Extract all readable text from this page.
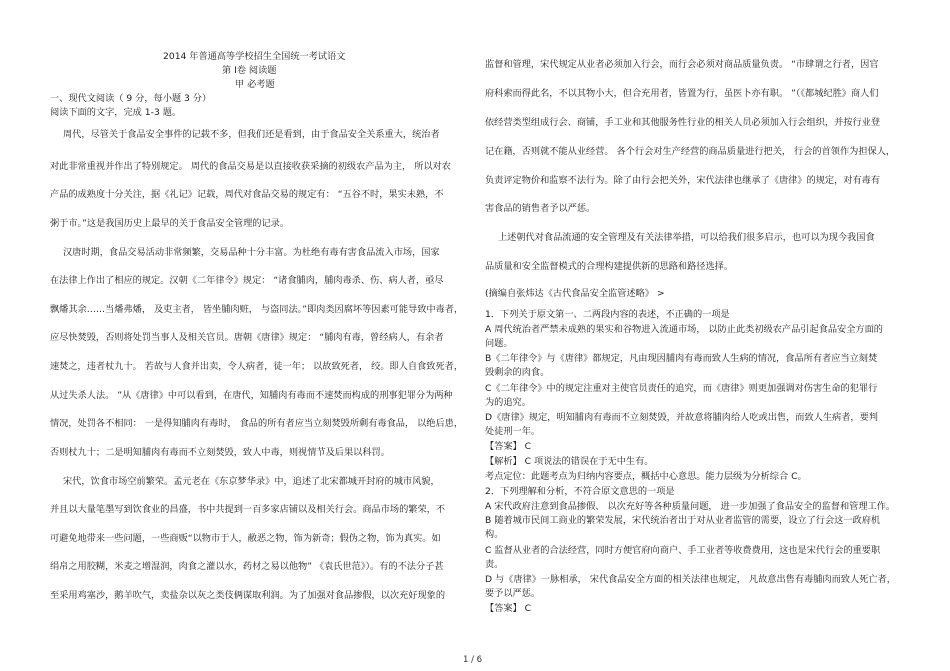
2014 年普通高等学校招生全国统一考试语文
第 Ⅰ卷 阅读题
甲 必考题
一、现代文阅读（ 9 分，每小题 3 分）
阅读下面的文字，完成 1-3 题。
周代，尽管关于食品安全事件的记载不多，但我们还是看到，由于食品安全关系重大，统治者
对此非常重视并作出了特别规定。 周代的食品交易是以直接收获采摘的初级农产品为主， 所以对农
产品的成熟度十分关注，据《礼记》记载，周代对食品交易的规定有： “五谷不时，果实未熟，不
粥于市。”这是我国历史上最早的关于食品安全管理的记录。
汉唐时期，食品交易活动非常频繁，交易品种十分丰富。为杜绝有毒有害食品流入市场，国家
在法律上作出了相应的规定。汉朝《二年律令》规定： “诸食脯肉，脯肉毒杀、伤、病人者，亟尽
飘燔其余……当燔弗燔， 及吏主者， 皆坐脯肉赃， 与盗同法。”即肉类因腐坏等因素可能导致中毒者，
应尽快焚毁，否则将处罚当事人及相关官员。唐朝《唐律》规定： “脯肉有毒，曾经病人，有余者
速焚之，违者杖九十。 若故与人食并出卖，令人病者，徒一年； 以故致死者， 绞。即人自食致死者，
从过失杀人法。 ”从《唐律》中可以看到，在唐代，知脯肉有毒而不速焚而构成的刑事犯罪分为两种
情况，处罚各不相同： 一是得知脯肉有毒时， 食品的所有者应当立刻焚毁所剩有毒食品， 以绝后患，
否则杖九十；二是明知脯肉有毒而不立刻焚毁，致人中毒，则视情节及后果以科罚。
宋代，饮食市场空前繁荣。孟元老在《东京梦华录》中，追述了北宋都城开封府的城市风貌，
并且以大量笔墨写到饮食业的昌盛，书中共提到一百多家店铺以及相关行会。商品市场的繁荣，不
可避免地带来一些问题，一些商贩“以物市于人，敝恶之物，饰为新奇；假伪之物，饰为真实。如
绢帛之用胶糊，米麦之增湿润，肉食之灌以水，药材之易以他物” 《袁氏世范》）。有的不法分子甚
至采用鸡塞沙，鹅羊吹气，卖盐杂以灰之类伎俩谋取利润。为了加强对食品掺假，以次充好现象的
监督和管理，宋代规定从业者必须加入行会，而行会必须对商品质量负责。 “市肆谓之行者，因官
府科索而得此名，不以其物小大，但合充用者，皆置为行，虽医卜亦有职。 ”（《都城纪胜》商人们
依经营类型组成行会、商铺，手工业和其他服务性行业的相关人员必须加入行会组织，并按行业登
记在籍，否则就不能从业经营。 各个行会对生产经营的商品质量进行把关， 行会的首领作为担保人，
负责评定物价和监察不法行为。除了由行会把关外，宋代法律也继承了《唐律》的规定，对有毒有
害食品的销售者予以严惩。
上述朝代对食品流通的安全管理及有关法律举措，可以给我们很多启示，也可以为现今我国食
品质量和安全监督模式的合理构建提供新的思路和路径选择。
(摘编自张炜达《古代食品安全监管述略》 >
1．下列关于原文第一、二两段内容的表述，不正确的一项是
A 周代统治者严禁未成熟的果实和谷物进入流通市场， 以防止此类初级农产品引起食品安全方面的
问题。
B《二年律令》与《唐律》都规定，凡由现因脯肉有毒而致人生病的情况，食品所有者应当立刻焚
毁剩余的肉食。
C《二年律令》中的规定注重对主使官员责任的追究，而《唐律》则更加强调对伤害生命的犯罪行
为的追究。
D《唐律》规定，明知脯肉有毒而不立刻焚毁，并故意将脯肉给人吃或出售，而致人生病者，要判
处徒刑一年。
【答案】 C
【解析】 C 项说法的错误在于无中生有。
考点定位：此题考点为归纳内容要点，概括中心意思。能力层级为分析综合 C。
2．下列理解和分析，不符合原文意思的一项是
A 宋代政府注意到食品掺假、 以次充好等各种质量问题， 进一步加强了食品安全的监督和管理工作。
B 随着城市民间工商业的繁荣发展，宋代统治者出于对从业者监管的需要，设立了行会这一政府机
构。
C 监督从业者的合法经营，同时方便官府向商户、手工业者等收费费用，这也是宋代行会的重要职
责。
D 与《唐律》一脉相承， 宋代食品安全方面的相关法律也规定， 凡故意出售有毒脯肉而致人死亡者，
要予以严惩。
【答案】 C
1 / 6
